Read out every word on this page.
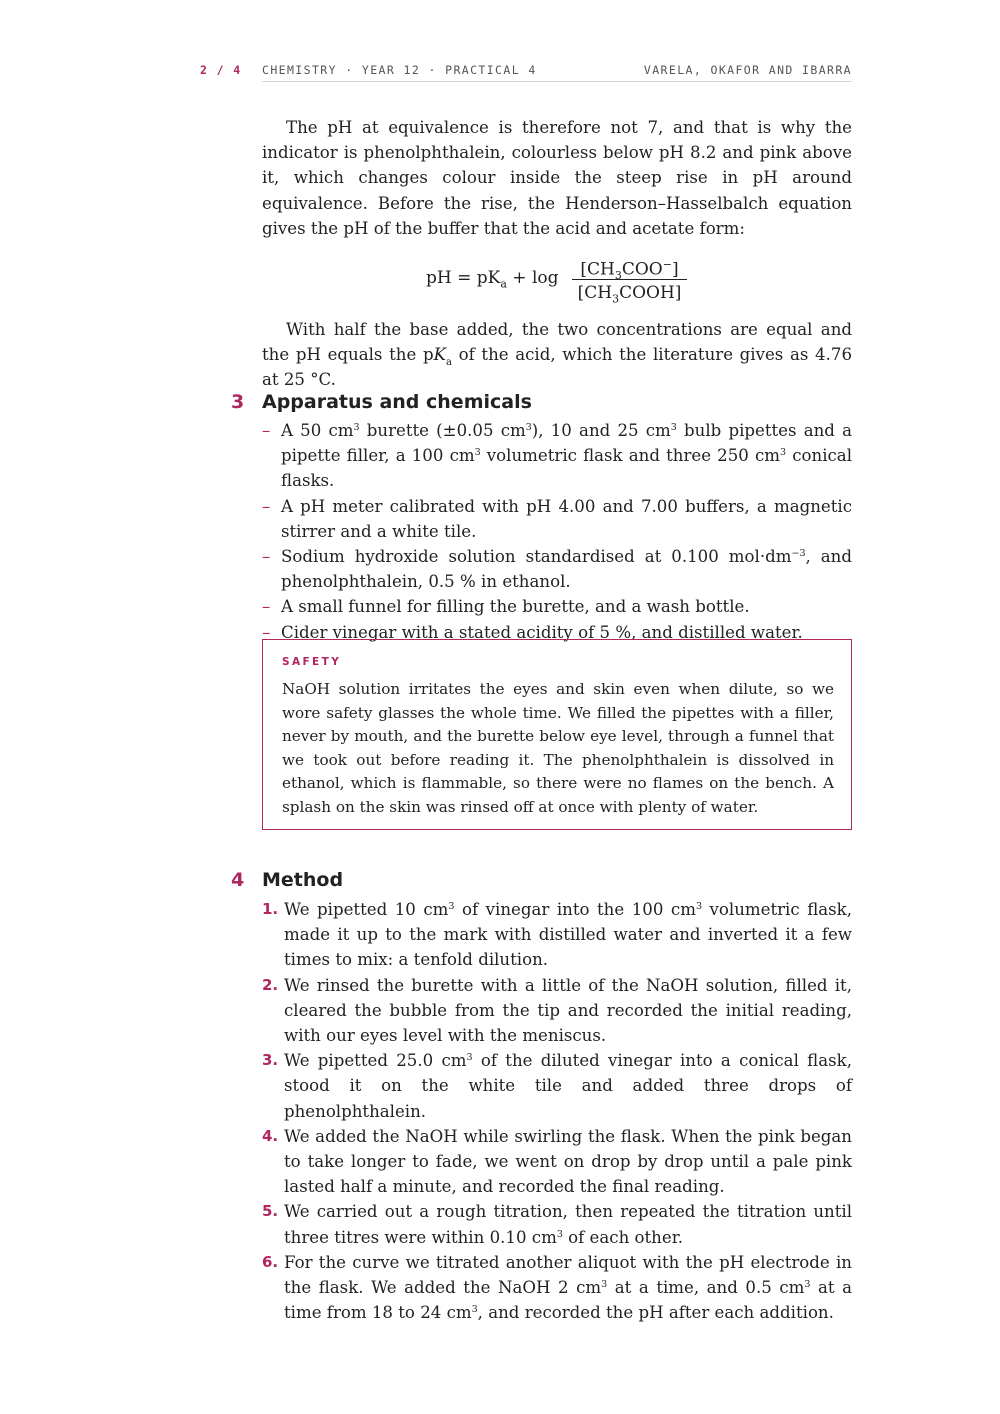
2 / 4 CHEMISTRY · YEAR 12 · PRACTICAL 4	VARELA, OKAFOR AND IBARRA

The pH at equivalence is therefore not 7, and that is why the indicator is phenolphthalein, colourless below pH 8.2 and pink above it, which changes colour inside the steep rise in pH around equivalence. Before the rise, the Henderson–Hasselbalch equation gives the pH of the buffer that the acid and acetate form:

pH = $pK_a + \log$	$[CH_3COO^-]$
$[CH_3COOH]$

With half the base added, the two concentrations are equal and the pH equals the $pK_a$ of the acid, which the literature gives as 4.76 at 25 °C.

3 Apparatus and chemicals
– A 50 $cm^3$ burette (±0.05 $cm^3$), 10 and 25 $cm^3$ bulb pipettes and a pipette filler, a 100 $cm^3$ volumetric flask and three 250 $cm^3$ conical flasks.
– A pH meter calibrated with pH 4.00 and 7.00 buffers, a magnetic stirrer and a white tile.
– Sodium hydroxide solution standardised at 0.100 $mol\cdot dm^{-3}$, and phenolphthalein, 0.5 % in ethanol.
– A small funnel for filling the burette, and a wash bottle.
– Cider vinegar with a stated acidity of 5 %, and distilled water.
SAFETY

NaOH solution irritates the eyes and skin even when dilute, so we wore safety glasses the whole time. We filled the pipettes with a filler, never by mouth, and the burette below eye level, through a funnel that we took out before reading it. The phenolphthalein is dissolved in ethanol, which is flammable, so there were no flames on the bench. A splash on the skin was rinsed off at once with plenty of water.

4 Method
1. We pipetted 10 $cm^3$ of vinegar into the 100 $cm^3$ volumetric flask, made it up to the mark with distilled water and inverted it a few times to mix: a tenfold dilution.
2. We rinsed the burette with a little of the NaOH solution, filled it, cleared the bubble from the tip and recorded the initial reading, with our eyes level with the meniscus.
3. We pipetted 25.0 $cm^3$ of the diluted vinegar into a conical flask, stood it on the white tile and added three drops of phenolphthalein.
4. We added the NaOH while swirling the flask. When the pink began to take longer to fade, we went on drop by drop until a pale pink lasted half a minute, and recorded the final reading.
5. We carried out a rough titration, then repeated the titration until three titres were within 0.10 $cm^3$ of each other.
6. For the curve we titrated another aliquot with the pH electrode in the flask. We added the NaOH 2 $cm^3$ at a time, and 0.5 $cm^3$ at a time from 18 to 24 $cm^3$, and recorded the pH after each addition.
